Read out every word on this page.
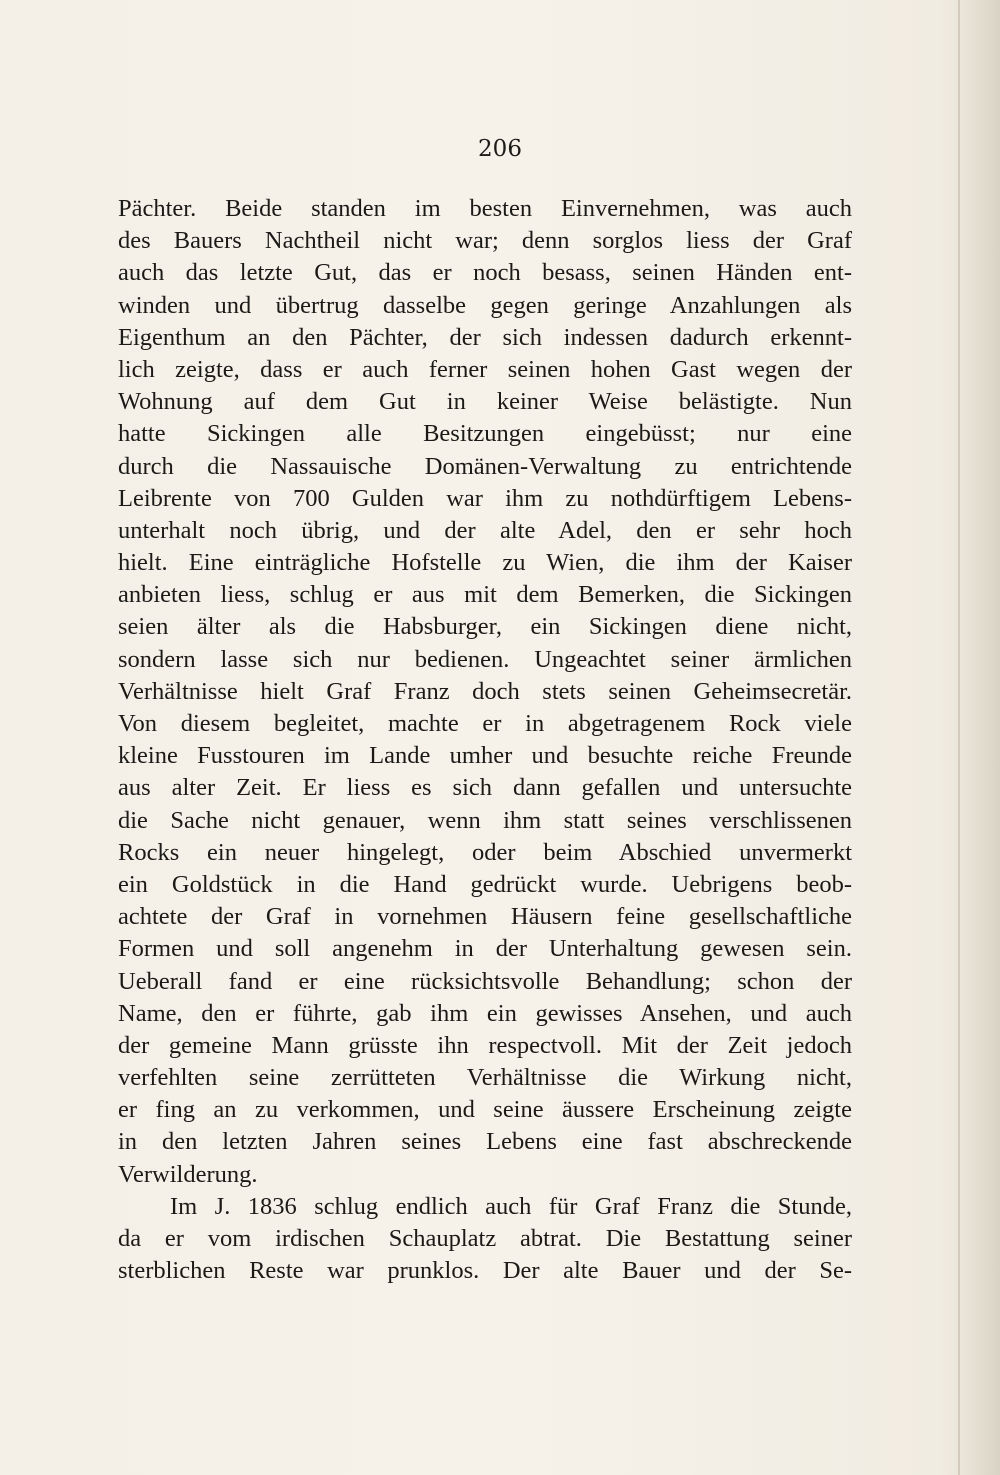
206
Pächter. Beide standen im besten Einvernehmen, was auch
des Bauers Nachtheil nicht war; denn sorglos liess der Graf
auch das letzte Gut, das er noch besass, seinen Händen ent-
winden und übertrug dasselbe gegen geringe Anzahlungen als
Eigenthum an den Pächter, der sich indessen dadurch erkennt-
lich zeigte, dass er auch ferner seinen hohen Gast wegen der
Wohnung auf dem Gut in keiner Weise belästigte. Nun
hatte Sickingen alle Besitzungen eingebüsst; nur eine
durch die Nassauische Domänen-Verwaltung zu entrichtende
Leibrente von 700 Gulden war ihm zu nothdürftigem Lebens-
unterhalt noch übrig, und der alte Adel, den er sehr hoch
hielt. Eine einträgliche Hofstelle zu Wien, die ihm der Kaiser
anbieten liess, schlug er aus mit dem Bemerken, die Sickingen
seien älter als die Habsburger, ein Sickingen diene nicht,
sondern lasse sich nur bedienen. Ungeachtet seiner ärmlichen
Verhältnisse hielt Graf Franz doch stets seinen Geheimsecretär.
Von diesem begleitet, machte er in abgetragenem Rock viele
kleine Fusstouren im Lande umher und besuchte reiche Freunde
aus alter Zeit. Er liess es sich dann gefallen und untersuchte
die Sache nicht genauer, wenn ihm statt seines verschlissenen
Rocks ein neuer hingelegt, oder beim Abschied unvermerkt
ein Goldstück in die Hand gedrückt wurde. Uebrigens beob-
achtete der Graf in vornehmen Häusern feine gesellschaftliche
Formen und soll angenehm in der Unterhaltung gewesen sein.
Ueberall fand er eine rücksichtsvolle Behandlung; schon der
Name, den er führte, gab ihm ein gewisses Ansehen, und auch
der gemeine Mann grüsste ihn respectvoll. Mit der Zeit jedoch
verfehlten seine zerrütteten Verhältnisse die Wirkung nicht,
er fing an zu verkommen, und seine äussere Erscheinung zeigte
in den letzten Jahren seines Lebens eine fast abschreckende
Verwilderung.
Im J. 1836 schlug endlich auch für Graf Franz die Stunde,
da er vom irdischen Schauplatz abtrat. Die Bestattung seiner
sterblichen Reste war prunklos. Der alte Bauer und der Se-
